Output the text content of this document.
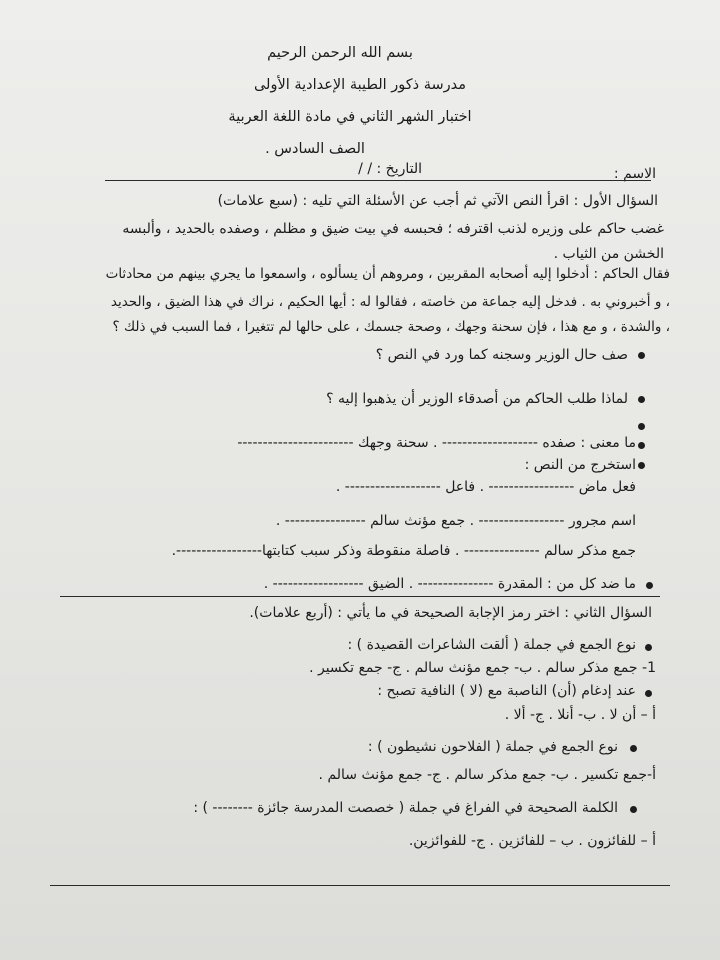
بسم الله الرحمن الرحيم
مدرسة ذكور الطيبة الإعدادية الأولى
اختبار الشهر الثاني في مادة اللغة العربية
الصف السادس .
الاسم :
التاريخ : / /
السؤال الأول : اقرأ النص الآتي ثم أجب عن الأسئلة التي تليه : (سبع علامات)
غضب حاكم على وزيره لذنب اقترفه ؛ فحبسه في بيت ضيق و مظلم ، وصفده بالحديد ، وألبسه
الخشن من الثياب .
فقال الحاكم : أدخلوا إليه أصحابه المقربين ، ومروهم أن يسألوه ، واسمعوا ما يجري بينهم من محادثات
، و أخبروني به . فدخل إليه جماعة من خاصته ، فقالوا له : أيها الحكيم ، نراك في هذا الضيق ، والحديد
، والشدة ، و مع هذا ، فإن سحنة وجهك ، وصحة جسمك ، على حالها لم تتغيرا ، فما السبب في ذلك ؟
صف حال الوزير وسجنه كما ورد في النص ؟
لماذا طلب الحاكم من أصدقاء الوزير أن يذهبوا إليه ؟
ما معنى : صفده ------------------- . سحنة وجهك -----------------------
استخرج من النص :
فعل ماض ----------------- . فاعل ------------------- .
اسم مجرور ----------------- . جمع مؤنث سالم ---------------- .
جمع مذكر سالم --------------- . فاصلة منقوطة وذكر سبب كتابتها-----------------.
ما ضد كل من : المقدرة --------------- . الضيق ------------------ .
السؤال الثاني : اختر رمز الإجابة الصحيحة في ما يأتي : (أربع علامات).
نوع الجمع في جملة ( ألقت الشاعرات القصيدة ) :
1- جمع مذكر سالم . ب- جمع مؤنث سالم . ج- جمع تكسير .
عند إدغام (أن) الناصبة مع (لا ) النافية تصبح :
أ – أن لا . ب- أنلا . ج- ألا .
نوع الجمع في جملة ( الفلاحون نشيطون ) :
أ-جمع تكسير . ب- جمع مذكر سالم . ج- جمع مؤنث سالم .
الكلمة الصحيحة في الفراغ في جملة ( خصصت المدرسة جائزة -------- ) :
أ – للفائزون . ب – للفائزين . ج- للفوائزين.
